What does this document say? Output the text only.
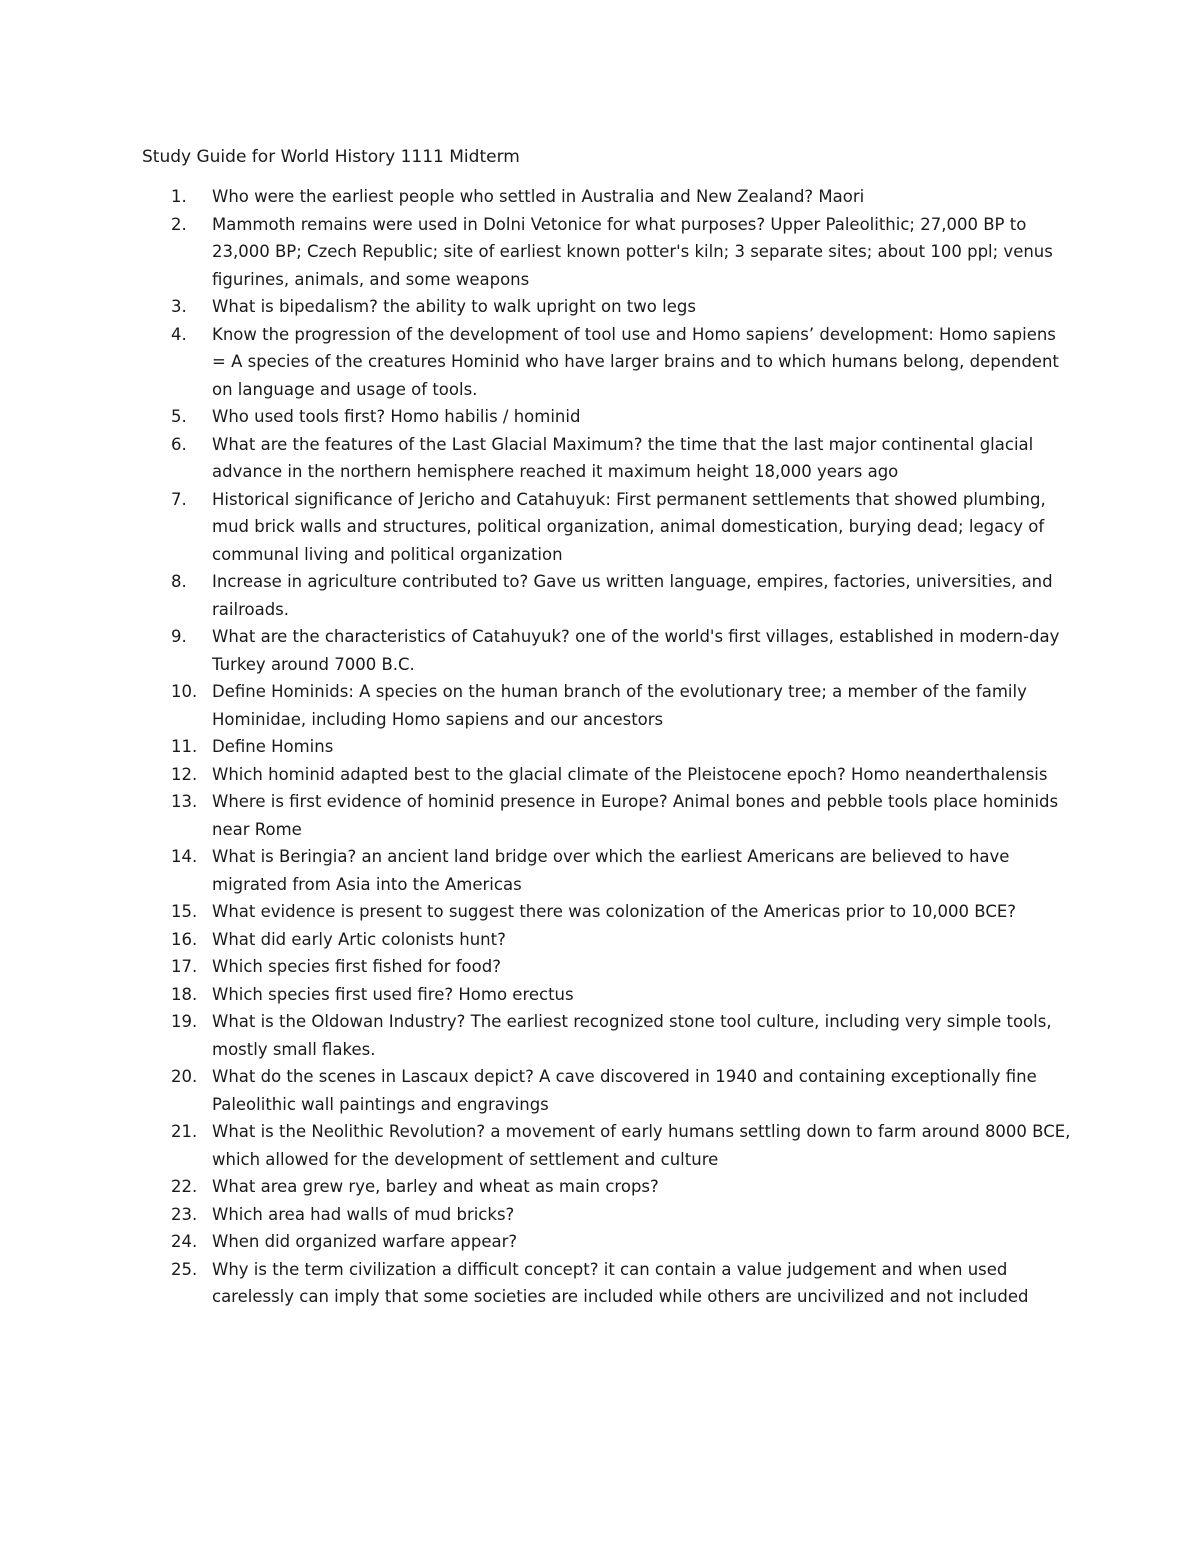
Study Guide for World History 1111 Midterm
1. Who were the earliest people who settled in Australia and New Zealand? Maori
2. Mammoth remains were used in Dolni Vetonice for what purposes? Upper Paleolithic; 27,000 BP to 23,000 BP; Czech Republic; site of earliest known potter's kiln; 3 separate sites; about 100 ppl; venus figurines, animals, and some weapons
3. What is bipedalism? the ability to walk upright on two legs
4. Know the progression of the development of tool use and Homo sapiens’ development: Homo sapiens = A species of the creatures Hominid who have larger brains and to which humans belong, dependent on language and usage of tools.
5. Who used tools first? Homo habilis / hominid
6. What are the features of the Last Glacial Maximum? the time that the last major continental glacial advance in the northern hemisphere reached it maximum height 18,000 years ago
7. Historical significance of Jericho and Catahuyuk: First permanent settlements that showed plumbing, mud brick walls and structures, political organization, animal domestication, burying dead; legacy of communal living and political organization
8. Increase in agriculture contributed to? Gave us written language, empires, factories, universities, and railroads.
9. What are the characteristics of Catahuyuk? one of the world's first villages, established in modern-day Turkey around 7000 B.C.
10. Define Hominids: A species on the human branch of the evolutionary tree; a member of the family Hominidae, including Homo sapiens and our ancestors
11. Define Homins
12. Which hominid adapted best to the glacial climate of the Pleistocene epoch? Homo neanderthalensis
13. Where is first evidence of hominid presence in Europe? Animal bones and pebble tools place hominids near Rome
14. What is Beringia? an ancient land bridge over which the earliest Americans are believed to have migrated from Asia into the Americas
15. What evidence is present to suggest there was colonization of the Americas prior to 10,000 BCE?
16. What did early Artic colonists hunt?
17. Which species first fished for food?
18. Which species first used fire? Homo erectus
19. What is the Oldowan Industry? The earliest recognized stone tool culture, including very simple tools, mostly small flakes.
20. What do the scenes in Lascaux depict? A cave discovered in 1940 and containing exceptionally fine Paleolithic wall paintings and engravings
21. What is the Neolithic Revolution? a movement of early humans settling down to farm around 8000 BCE, which allowed for the development of settlement and culture
22. What area grew rye, barley and wheat as main crops?
23. Which area had walls of mud bricks?
24. When did organized warfare appear?
25. Why is the term civilization a difficult concept? it can contain a value judgement and when used carelessly can imply that some societies are included while others are uncivilized and not included
